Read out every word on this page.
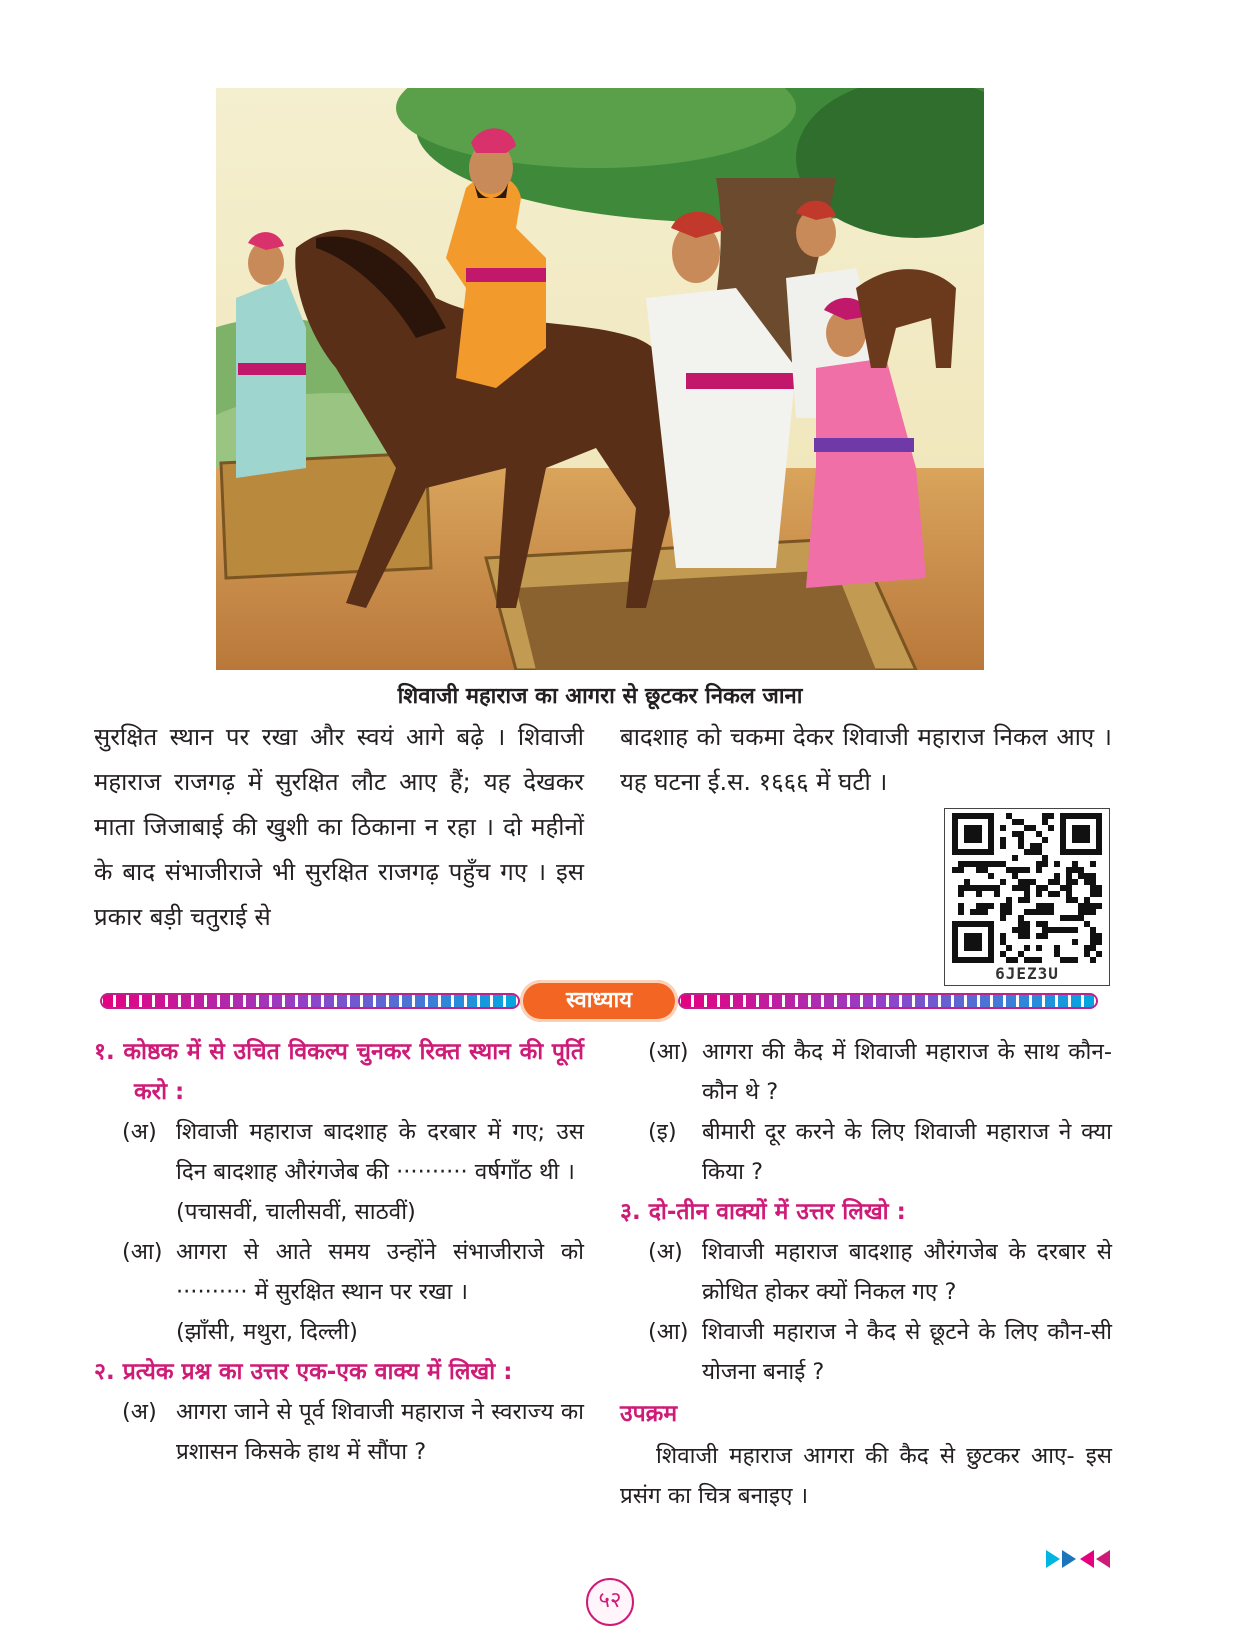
शिवाजी महाराज का आगरा से छूटकर निकल जाना
सुरक्षित स्थान पर रखा और स्वयं आगे बढ़े । शिवाजी महाराज राजगढ़ में सुरक्षित लौट आए हैं; यह देखकर माता जिजाबाई की खुशी का ठिकाना न रहा । दो महीनों के बाद संभाजीराजे भी सुरक्षित राजगढ़ पहुँच गए । इस प्रकार बड़ी चतुराई से
बादशाह को चकमा देकर शिवाजी महाराज निकल आए । यह घटना ई.स. १६६६ में घटी ।
6JEZ3U
स्वाध्याय
१. कोष्ठक में से उचित विकल्प चुनकर रिक्त स्थान की पूर्ति करो :
(अ) शिवाजी महाराज बादशाह के दरबार में गए; उस दिन बादशाह औरंगजेब की ·········· वर्षगाँठ थी ।
(पचासवीं, चालीसवीं, साठवीं)
(आ) आगरा से आते समय उन्होंने संभाजीराजे को ·········· में सुरक्षित स्थान पर रखा ।
(झाँसी, मथुरा, दिल्ली)
२. प्रत्येक प्रश्न का उत्तर एक-एक वाक्य में लिखो :
(अ) आगरा जाने से पूर्व शिवाजी महाराज ने स्वराज्य का प्रशासन किसके हाथ में सौंपा ?
(आ) आगरा की कैद में शिवाजी महाराज के साथ कौन-कौन थे ?
(इ)	बीमारी दूर करने के लिए शिवाजी महाराज ने क्या किया ?
३. दो-तीन वाक्यों में उत्तर लिखो :
(अ) शिवाजी महाराज बादशाह औरंगजेब के दरबार से क्रोधित होकर क्यों निकल गए ?
(आ) शिवाजी महाराज ने कैद से छूटने के लिए कौन-सी योजना बनाई ?
उपक्रम
शिवाजी महाराज आगरा की कैद से छुटकर आए- इस प्रसंग का चित्र बनाइए ।
५२
